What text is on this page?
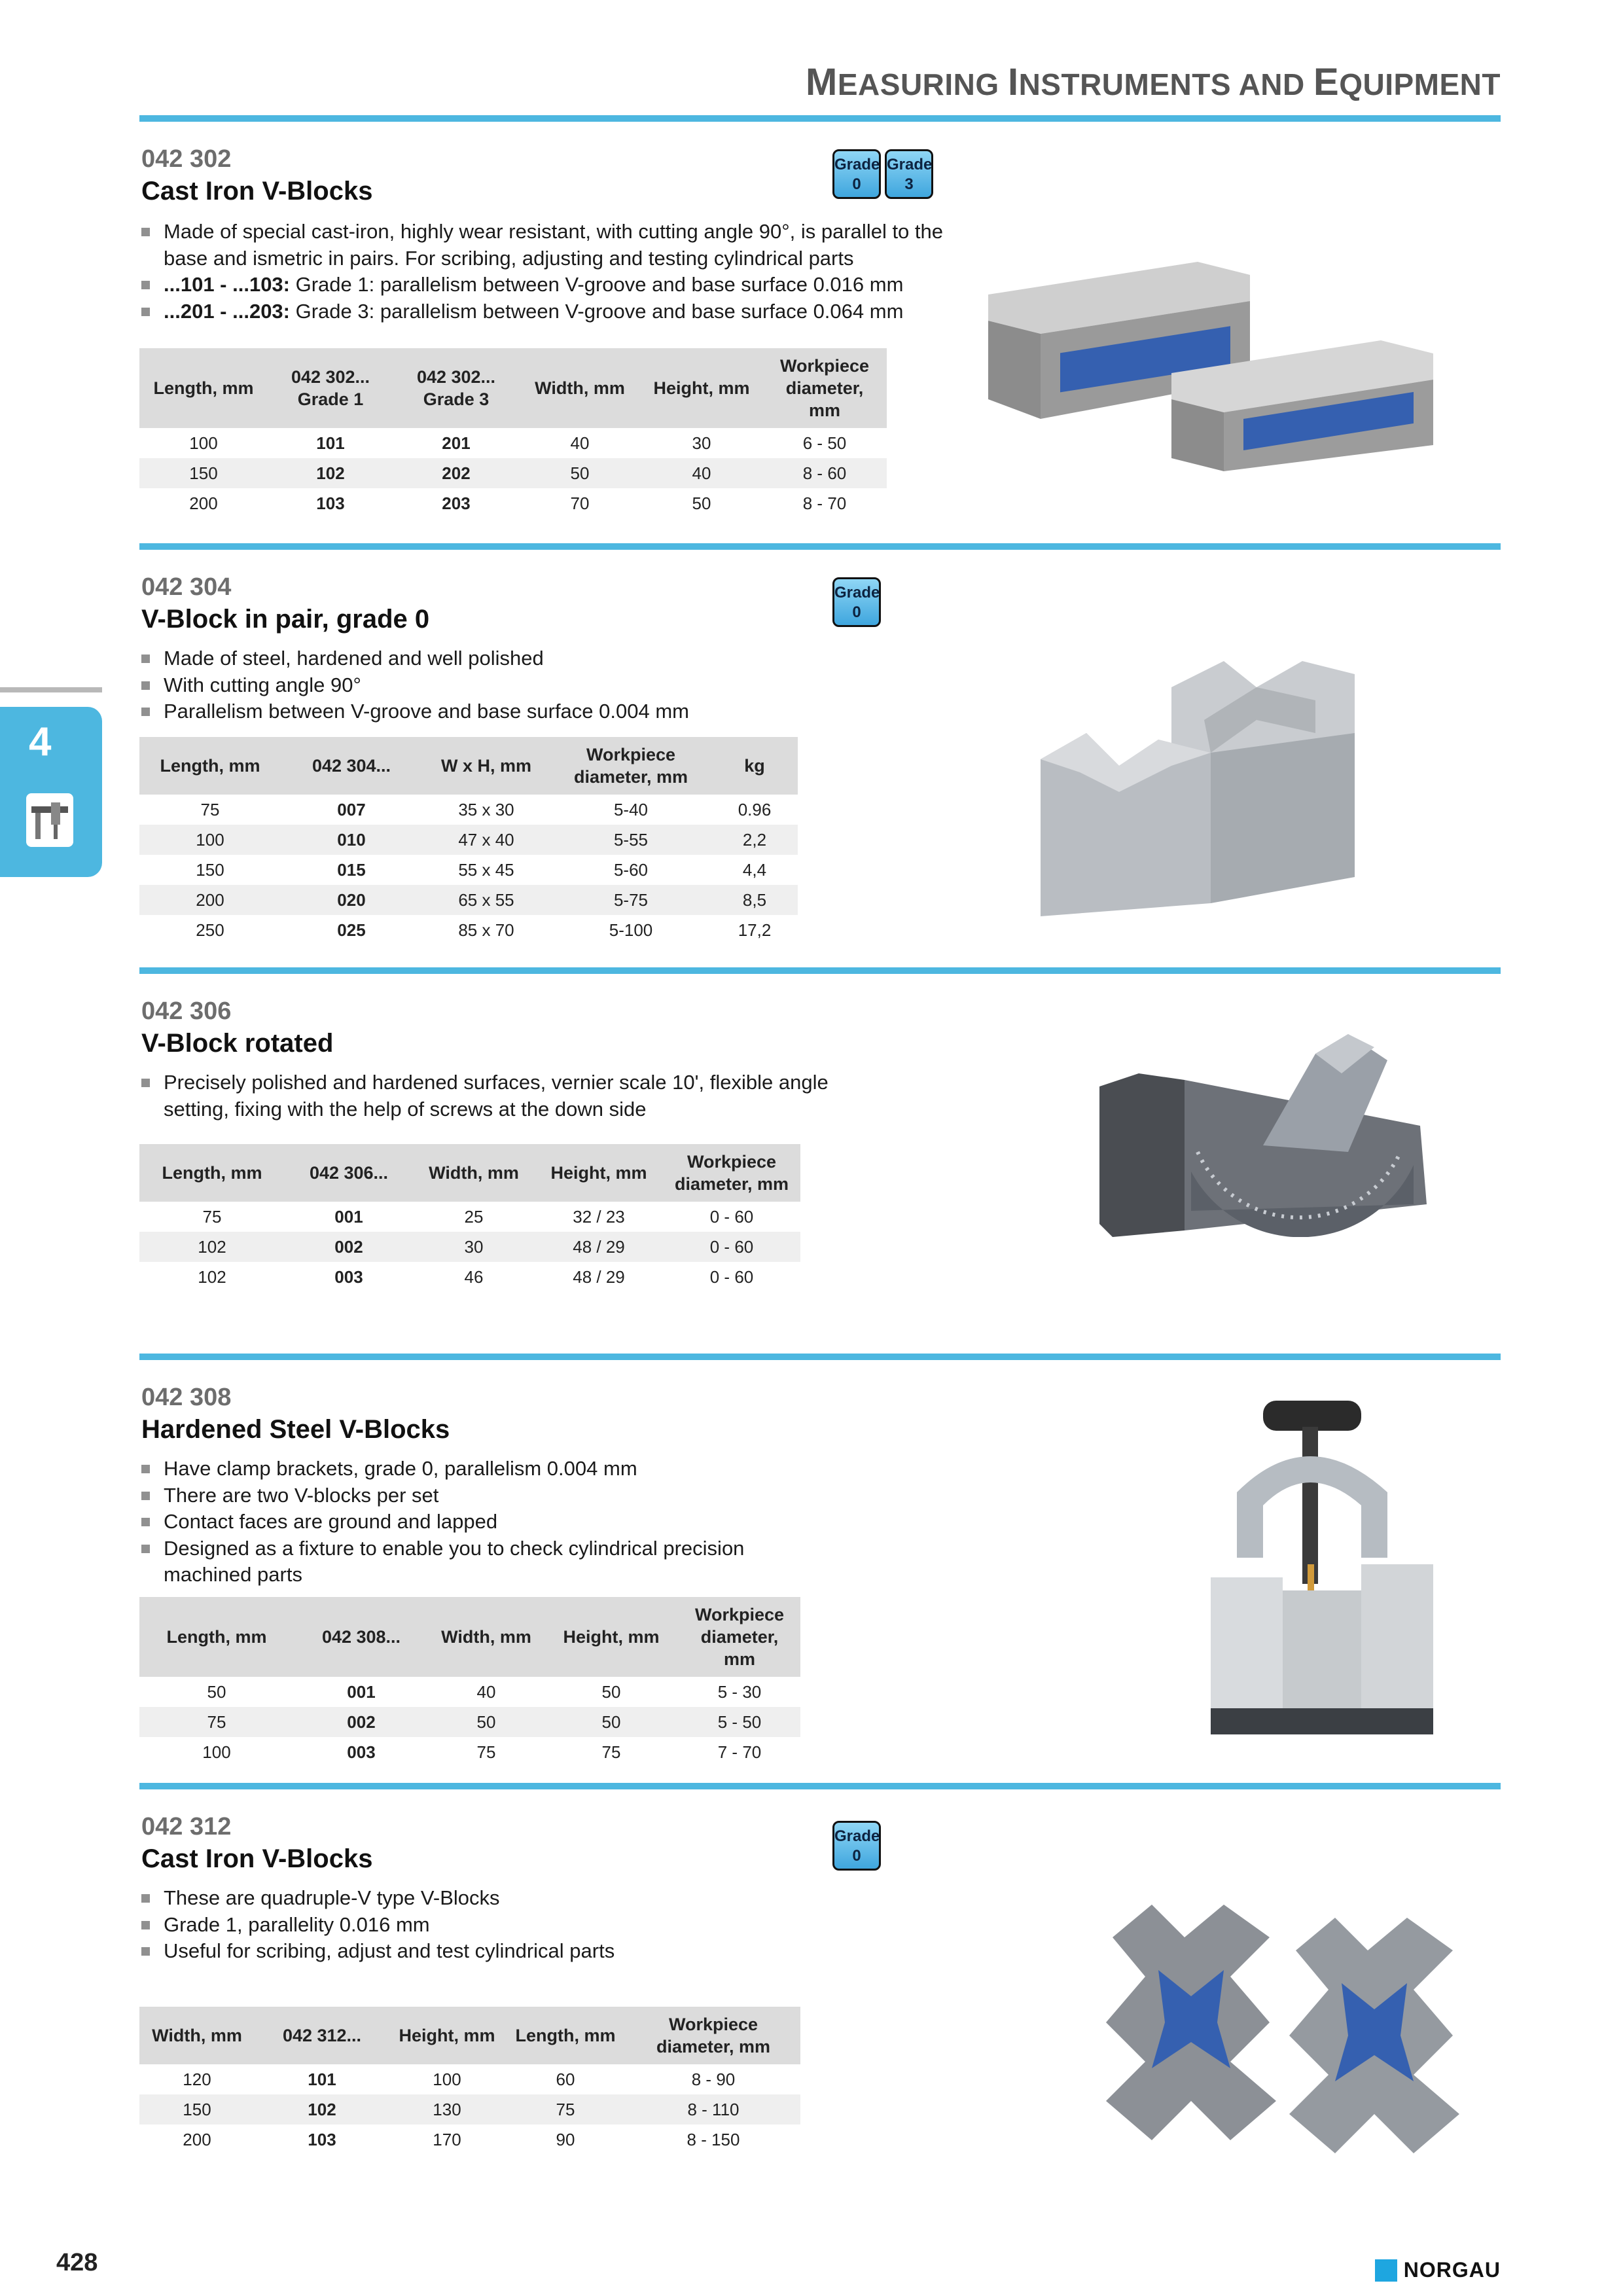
MEASURING INSTRUMENTS AND EQUIPMENT
4
042 302
Cast Iron V-Blocks
Grade
0
Grade
3
Made of special cast-iron, highly wear resistant, with cutting angle 90°, is parallel to the base and ismetric in pairs. For scribing, adjusting and testing cylindrical parts
...101 - ...103: Grade 1: parallelism between V-groove and base surface 0.016 mm
...201 - ...203: Grade 3: parallelism between V-groove and base surface 0.064 mm
Length, mm	042 302... Grade 1	042 302... Grade 3	Width, mm	Height, mm	Workpiece diameter, mm
100	101	201	40	30	6 - 50
150	102	202	50	40	8 - 60
200	103	203	70	50	8 - 70
042 304
V-Block in pair, grade 0
Grade
0
Made of steel, hardened and well polished
With cutting angle 90°
Parallelism between V-groove and base surface 0.004 mm
Length, mm	042 304...	W x H, mm	Workpiece diameter, mm	kg
75	007	35 x 30	5-40	0.96
100	010	47 x 40	5-55	2,2
150	015	55 x 45	5-60	4,4
200	020	65 x 55	5-75	8,5
250	025	85 x 70	5-100	17,2
042 306
V-Block rotated
Precisely polished and hardened surfaces, vernier scale 10', flexible angle setting, fixing with the help of screws at the down side
Length, mm	042 306...	Width, mm	Height, mm	Workpiece diameter, mm
75	001	25	32 / 23	0 - 60
102	002	30	48 / 29	0 - 60
102	003	46	48 / 29	0 - 60
042 308
Hardened Steel V-Blocks
Have clamp brackets, grade 0, parallelism 0.004 mm
There are two V-blocks per set
Contact faces are ground and lapped
Designed as a fixture to enable you to check cylindrical precision machined parts
Length, mm	042 308...	Width, mm	Height, mm	Workpiece diameter, mm
50	001	40	50	5 - 30
75	002	50	50	5 - 50
100	003	75	75	7 - 70
042 312
Cast Iron V-Blocks
Grade
0
These are quadruple-V type V-Blocks
Grade 1, parallelity 0.016 mm
Useful for scribing, adjust and test cylindrical parts
Width, mm	042 312...	Height, mm	Length, mm	Workpiece diameter, mm
120	101	100	60	8 - 90
150	102	130	75	8 - 110
200	103	170	90	8 - 150
428	NORGAU
